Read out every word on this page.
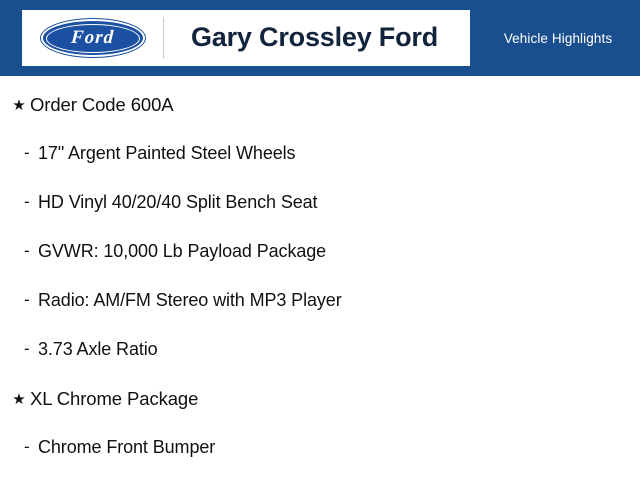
Ford	Gary Crossley Ford	Vehicle Highlights
★ Order Code 600A
- 17" Argent Painted Steel Wheels
- HD Vinyl 40/20/40 Split Bench Seat
- GVWR: 10,000 Lb Payload Package
- Radio: AM/FM Stereo with MP3 Player
- 3.73 Axle Ratio
★ XL Chrome Package
- Chrome Front Bumper
